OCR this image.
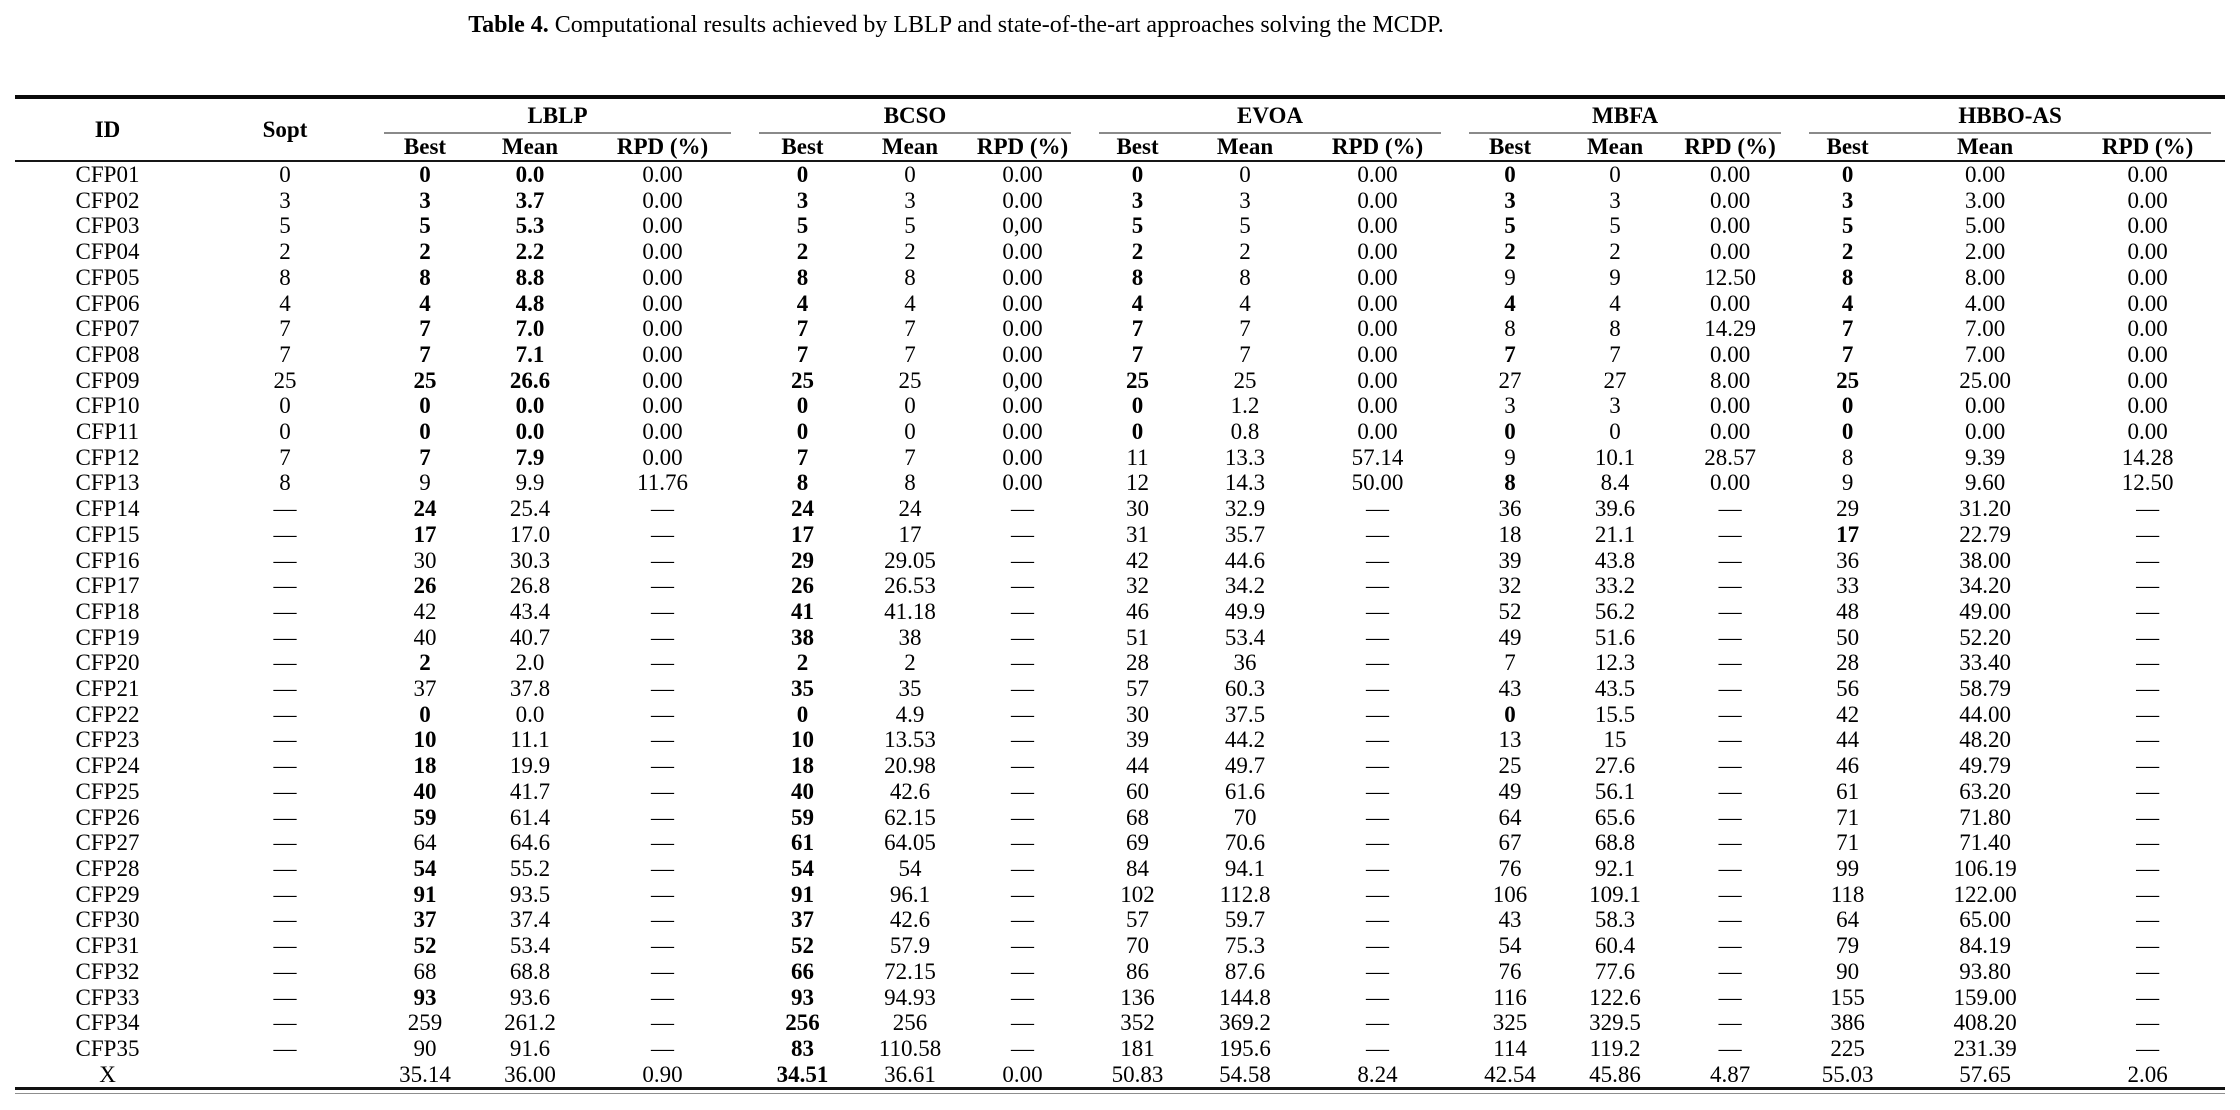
Table 4. Computational results achieved by LBLP and state-of-the-art approaches solving the MCDP.
ID	Sopt	LBLP			BCSO			EVOA			MBFA			HBBO-AS		

		Best	Mean	RPD (%)	Best	Mean	RPD (%)	Best	Mean	RPD (%)	Best	Mean	RPD (%)	Best	Mean	RPD (%)
CFP01	0	0	0.0	0.00	0	0	0.00	0	0	0.00	0	0	0.00	0	0.00	0.00
CFP02	3	3	3.7	0.00	3	3	0.00	3	3	0.00	3	3	0.00	3	3.00	0.00
CFP03	5	5	5.3	0.00	5	5	0,00	5	5	0.00	5	5	0.00	5	5.00	0.00
CFP04	2	2	2.2	0.00	2	2	0.00	2	2	0.00	2	2	0.00	2	2.00	0.00
CFP05	8	8	8.8	0.00	8	8	0.00	8	8	0.00	9	9	12.50	8	8.00	0.00
CFP06	4	4	4.8	0.00	4	4	0.00	4	4	0.00	4	4	0.00	4	4.00	0.00
CFP07	7	7	7.0	0.00	7	7	0.00	7	7	0.00	8	8	14.29	7	7.00	0.00
CFP08	7	7	7.1	0.00	7	7	0.00	7	7	0.00	7	7	0.00	7	7.00	0.00
CFP09	25	25	26.6	0.00	25	25	0,00	25	25	0.00	27	27	8.00	25	25.00	0.00
CFP10	0	0	0.0	0.00	0	0	0.00	0	1.2	0.00	3	3	0.00	0	0.00	0.00
CFP11	0	0	0.0	0.00	0	0	0.00	0	0.8	0.00	0	0	0.00	0	0.00	0.00
CFP12	7	7	7.9	0.00	7	7	0.00	11	13.3	57.14	9	10.1	28.57	8	9.39	14.28
CFP13	8	9	9.9	11.76	8	8	0.00	12	14.3	50.00	8	8.4	0.00	9	9.60	12.50
CFP14	—	24	25.4	—	24	24	—	30	32.9	—	36	39.6	—	29	31.20	—
CFP15	—	17	17.0	—	17	17	—	31	35.7	—	18	21.1	—	17	22.79	—
CFP16	—	30	30.3	—	29	29.05	—	42	44.6	—	39	43.8	—	36	38.00	—
CFP17	—	26	26.8	—	26	26.53	—	32	34.2	—	32	33.2	—	33	34.20	—
CFP18	—	42	43.4	—	41	41.18	—	46	49.9	—	52	56.2	—	48	49.00	—
CFP19	—	40	40.7	—	38	38	—	51	53.4	—	49	51.6	—	50	52.20	—
CFP20	—	2	2.0	—	2	2	—	28	36	—	7	12.3	—	28	33.40	—
CFP21	—	37	37.8	—	35	35	—	57	60.3	—	43	43.5	—	56	58.79	—
CFP22	—	0	0.0	—	0	4.9	—	30	37.5	—	0	15.5	—	42	44.00	—
CFP23	—	10	11.1	—	10	13.53	—	39	44.2	—	13	15	—	44	48.20	—
CFP24	—	18	19.9	—	18	20.98	—	44	49.7	—	25	27.6	—	46	49.79	—
CFP25	—	40	41.7	—	40	42.6	—	60	61.6	—	49	56.1	—	61	63.20	—
CFP26	—	59	61.4	—	59	62.15	—	68	70	—	64	65.6	—	71	71.80	—
CFP27	—	64	64.6	—	61	64.05	—	69	70.6	—	67	68.8	—	71	71.40	—
CFP28	—	54	55.2	—	54	54	—	84	94.1	—	76	92.1	—	99	106.19	—
CFP29	—	91	93.5	—	91	96.1	—	102	112.8	—	106	109.1	—	118	122.00	—
CFP30	—	37	37.4	—	37	42.6	—	57	59.7	—	43	58.3	—	64	65.00	—
CFP31	—	52	53.4	—	52	57.9	—	70	75.3	—	54	60.4	—	79	84.19	—
CFP32	—	68	68.8	—	66	72.15	—	86	87.6	—	76	77.6	—	90	93.80	—
CFP33	—	93	93.6	—	93	94.93	—	136	144.8	—	116	122.6	—	155	159.00	—
CFP34	—	259	261.2	—	256	256	—	352	369.2	—	325	329.5	—	386	408.20	—
CFP35	—	90	91.6	—	83	110.58	—	181	195.6	—	114	119.2	—	225	231.39	—
X		35.14	36.00	0.90	34.51	36.61	0.00	50.83	54.58	8.24	42.54	45.86	4.87	55.03	57.65	2.06
